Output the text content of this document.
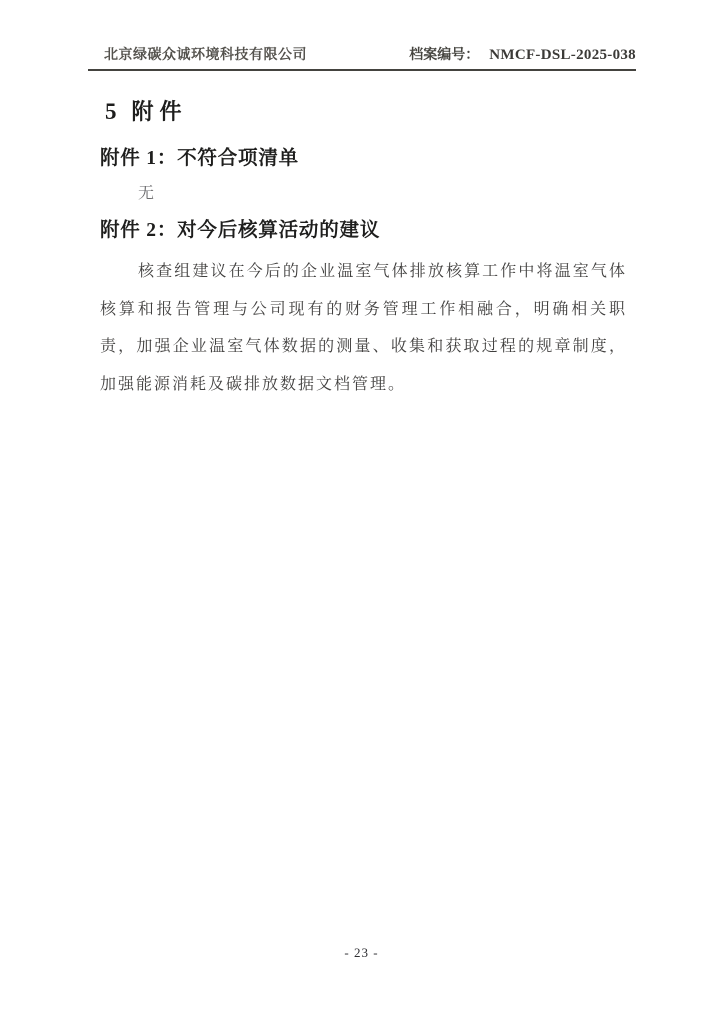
北京绿碳众诚环境科技有限公司	档案编号： NMCF-DSL-2025-038
5 附件
附件 1：不符合项清单

无

附件 2：对今后核算活动的建议

核查组建议在今后的企业温室气体排放核算工作中将温室气体核算和报告管理与公司现有的财务管理工作相融合，明确相关职责，加强企业温室气体数据的测量、收集和获取过程的规章制度，加强能源消耗及碳排放数据文档管理。

- 23 -
